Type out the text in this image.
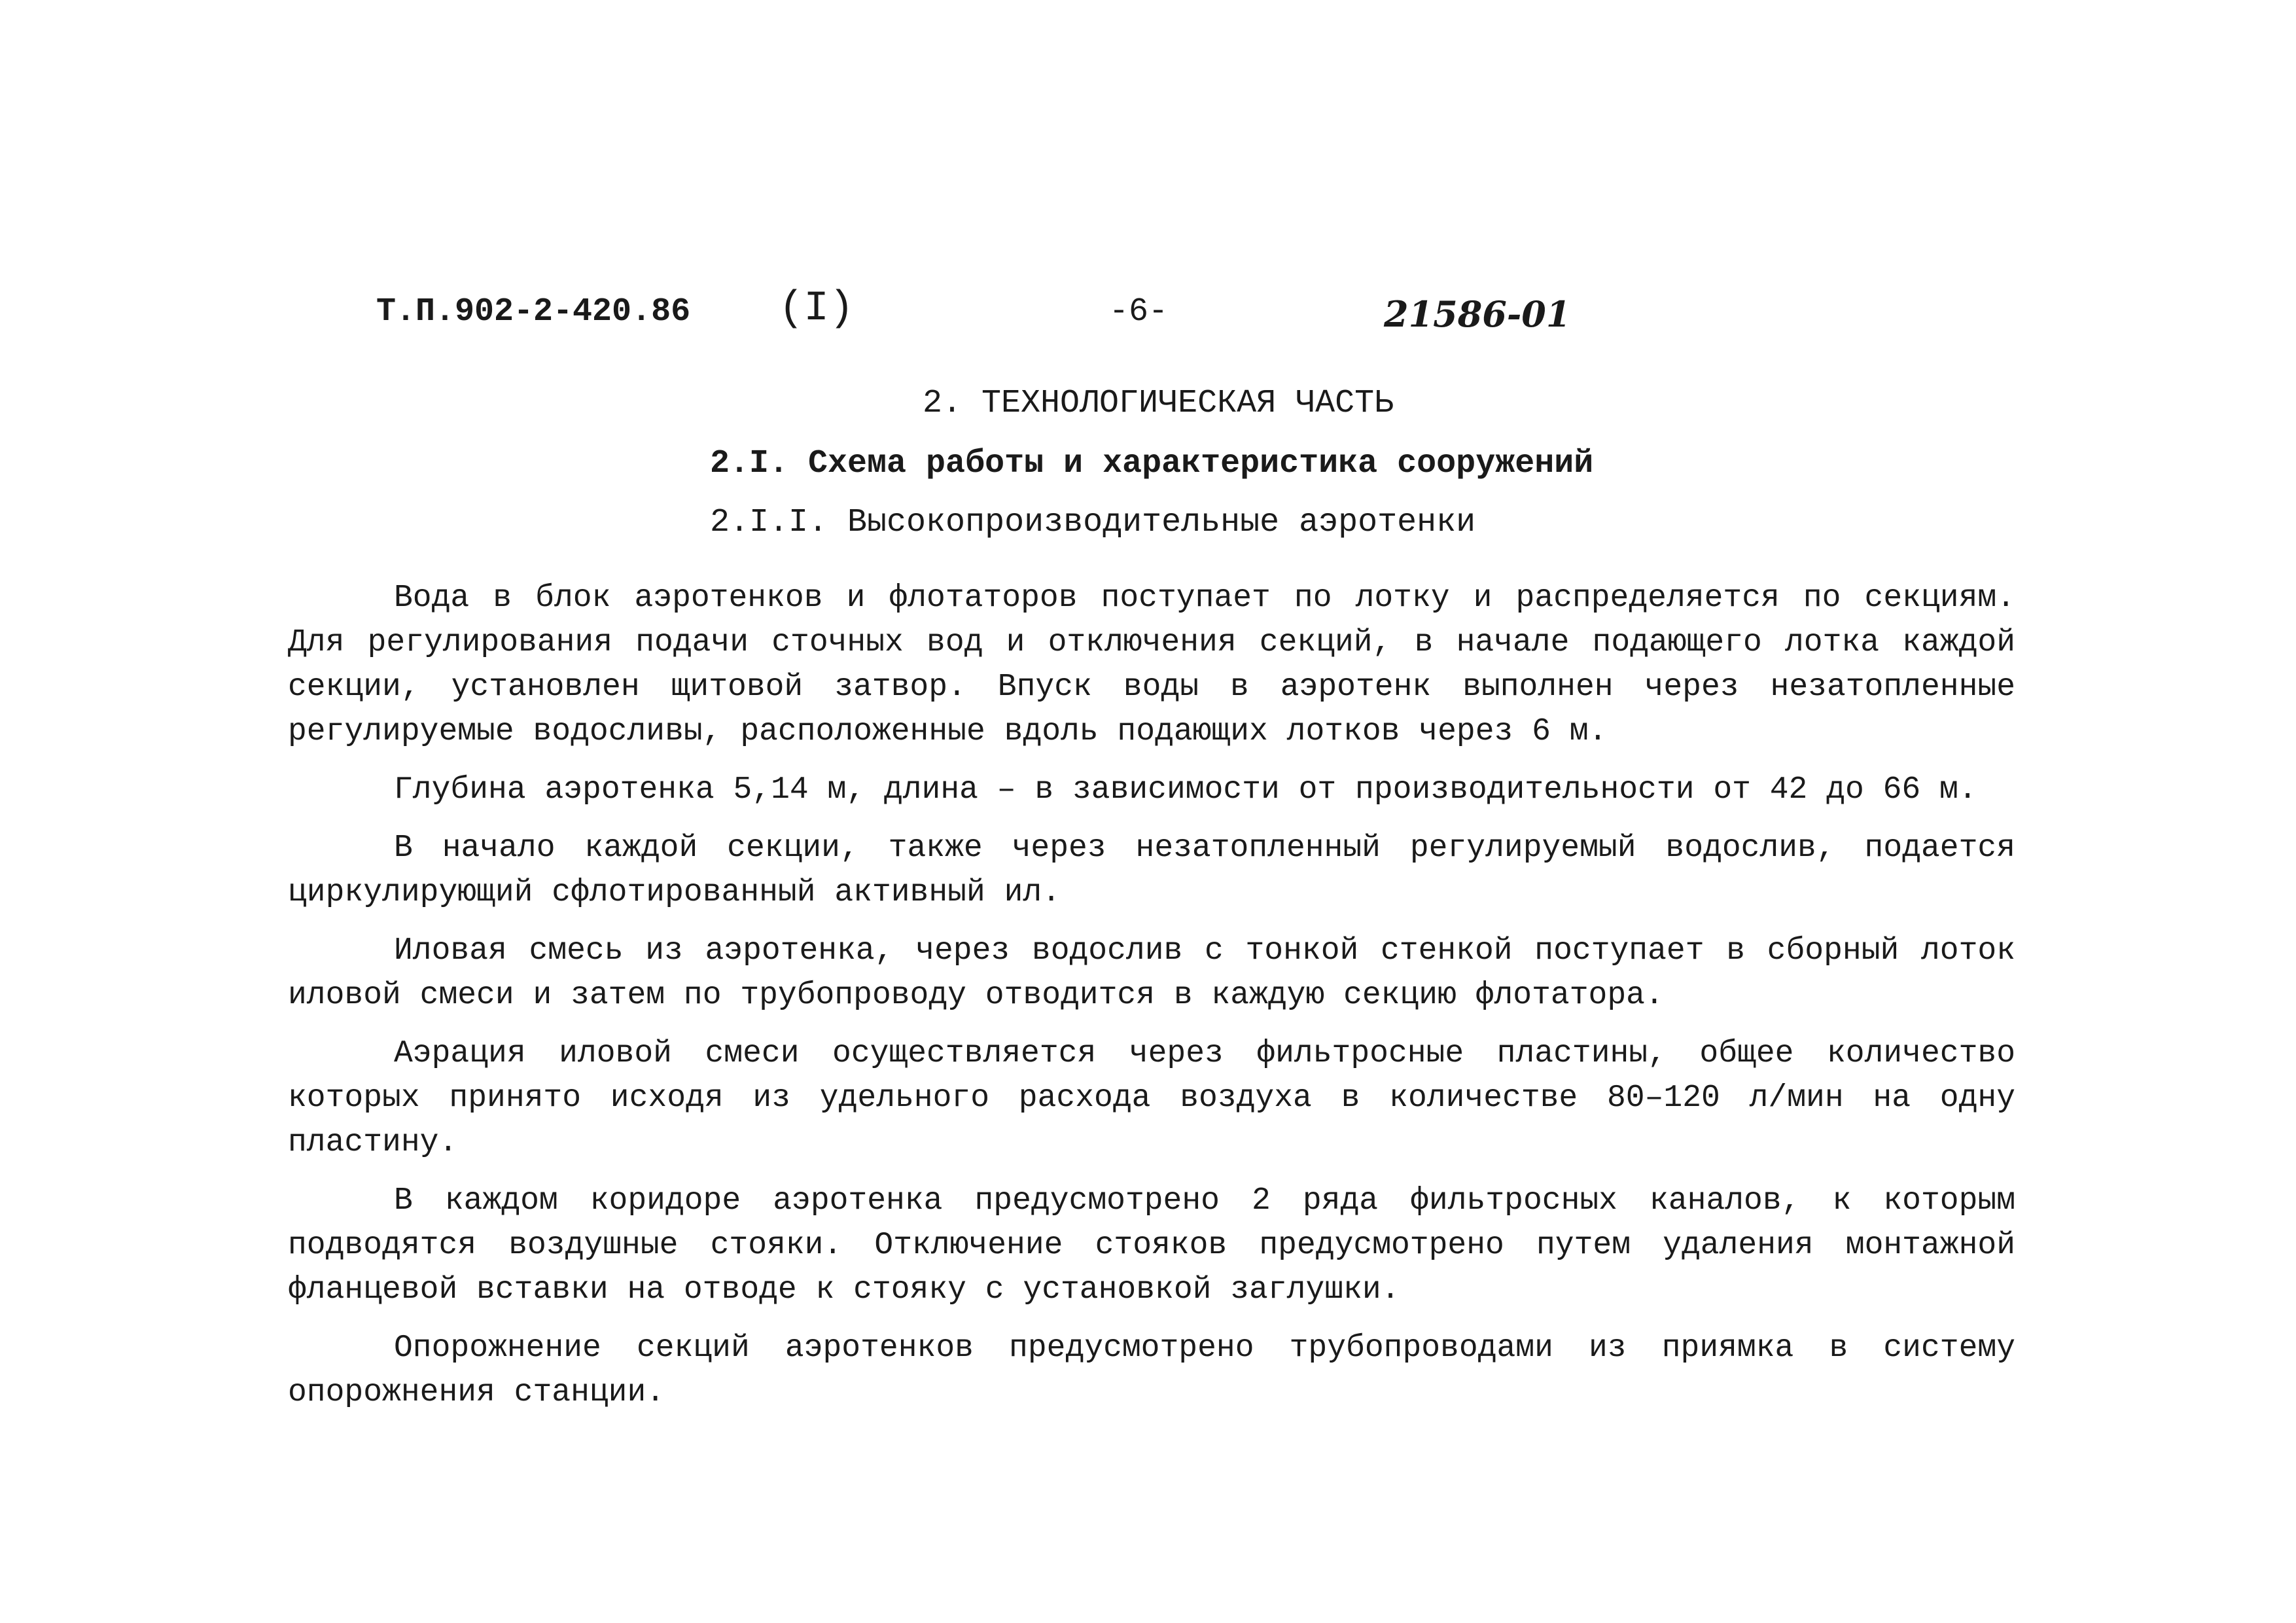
Т.П.902-2-420.86 (I)	-6-	21586-01
2. ТЕХНОЛОГИЧЕСКАЯ ЧАСТЬ
2.I. Схема работы и характеристика сооружений
2.I.I. Высокопроизводительные аэротенки

Вода в блок аэротенков и флотаторов поступает по лотку и распределяется по секциям. Для регулирования подачи сточных вод и отключения секций, в начале подающего лотка каждой секции, установлен щитовой затвор. Впуск воды в аэротенк выполнен через незатопленные регулируемые водосливы, расположенные вдоль подающих лотков через 6 м.

Глубина аэротенка 5,14 м, длина – в зависимости от производительности от 42 до 66 м.

В начало каждой секции, также через незатопленный регулируемый водослив, подается циркулирующий сфлотированный активный ил.

Иловая смесь из аэротенка, через водослив с тонкой стенкой поступает в сборный лоток иловой смеси и затем по трубопроводу отводится в каждую секцию флотатора.

Аэрация иловой смеси осуществляется через фильтросные пластины, общее количество которых принято исходя из удельного расхода воздуха в количестве 80–120 л/мин на одну пластину.

В каждом коридоре аэротенка предусмотрено 2 ряда фильтросных каналов, к которым подводятся воздушные стояки. Отключение стояков предусмотрено путем удаления монтажной фланцевой вставки на отводе к стояку с установкой заглушки.

Опорожнение секций аэротенков предусмотрено трубопроводами из приямка в систему опорожнения станции.
